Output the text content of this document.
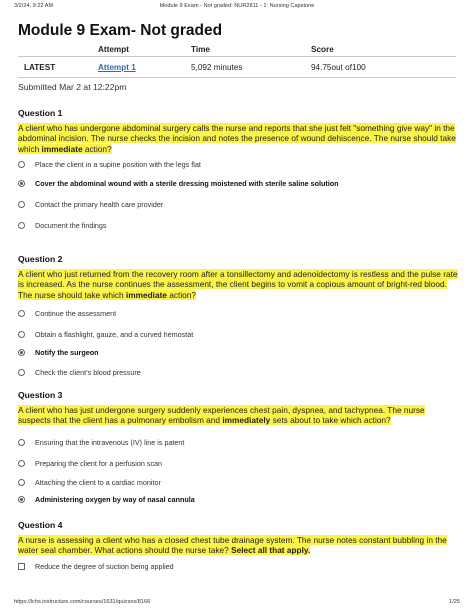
3/2/24, 9:22 AM	Module 9 Exam - Not graded: NUR2811 - 1: Nursing Capstone
Module 9 Exam- Not graded
	Attempt	Time	Score
LATEST	Attempt 1	5,092 minutes	94.75out of100
Submitted Mar 2 at 12:22pm
Question 1
A client who has undergone abdominal surgery calls the nurse and reports that she just felt "something give way" in the abdominal incision. The nurse checks the incision and notes the presence of wound dehiscence. The nurse should take which immediate action?
Place the client in a supine position with the legs flat
Cover the abdominal wound with a sterile dressing moistened with sterile saline solution
Contact the primary health care provider
Document the findings
Question 2
A client who just returned from the recovery room after a tonsillectomy and adenoidectomy is restless and the pulse rate is increased. As the nurse continues the assessment, the client begins to vomit a copious amount of bright-red blood. The nurse should take which immediate action?
Continue the assessment
Obtain a flashlight, gauze, and a curved hemostat
Notify the surgeon
Check the client’s blood pressure
Question 3
A client who has just undergone surgery suddenly experiences chest pain, dyspnea, and tachypnea. The nurse suspects that the client has a pulmonary embolism and immediately sets about to take which action?
Ensuring that the intravenous (IV) line is patent
Preparing the client for a perfusion scan
Attaching the client to a cardiac monitor
Administering oxygen by way of nasal cannula
Question 4
A nurse is assessing a client who has a closed chest tube drainage system. The nurse notes constant bubbling in the water seal chamber. What actions should the nurse take? Select all that apply.
Reduce the degree of suction being applied
https://lchs.instructure.com/courses/1631/quizzes/8166	1/25
